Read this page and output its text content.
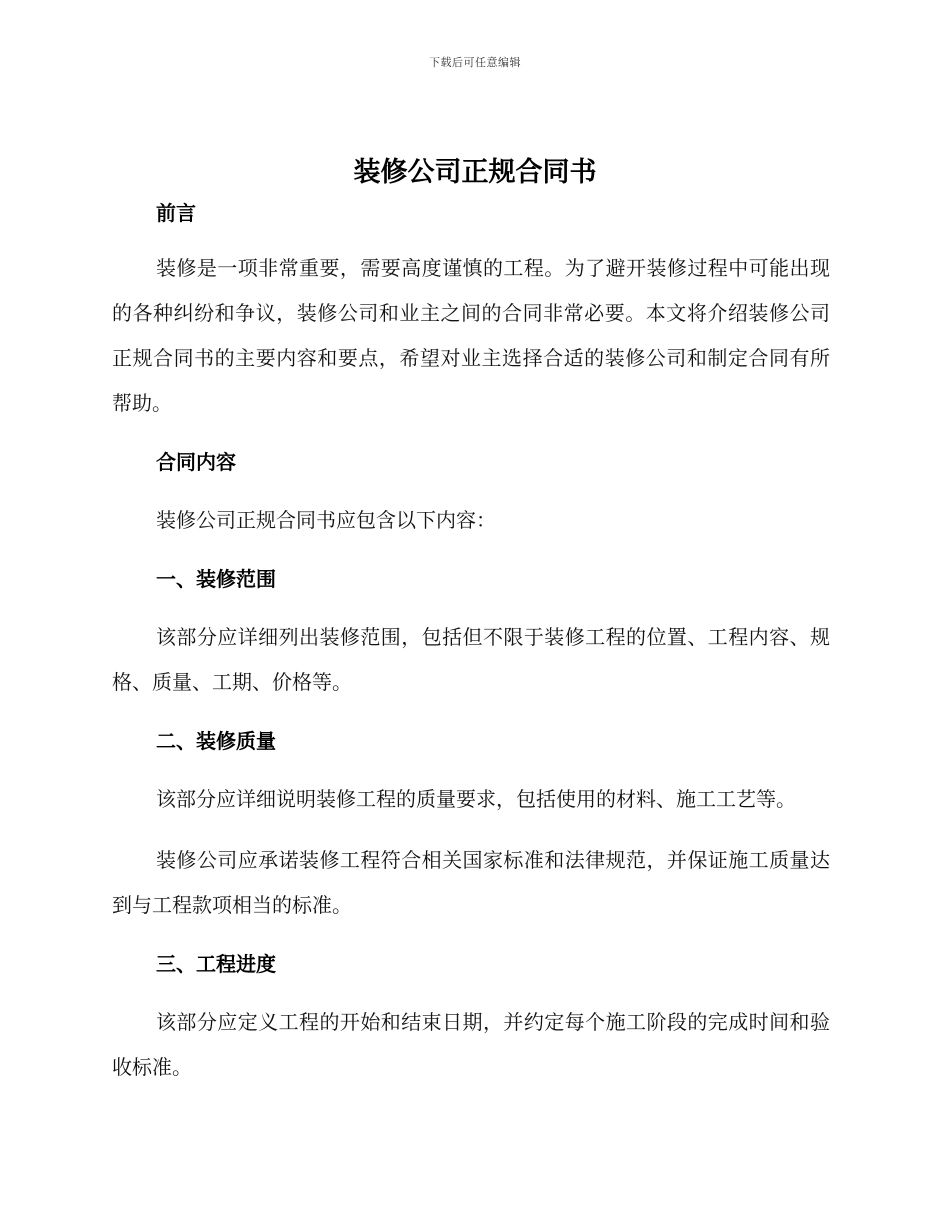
下载后可任意编辑
装修公司正规合同书
前言

装修是一项非常重要，需要高度谨慎的工程。为了避开装修过程中可能出现的各种纠纷和争议，装修公司和业主之间的合同非常必要。本文将介绍装修公司正规合同书的主要内容和要点，希望对业主选择合适的装修公司和制定合同有所帮助。

合同内容

装修公司正规合同书应包含以下内容：

一、装修范围

该部分应详细列出装修范围，包括但不限于装修工程的位置、工程内容、规格、质量、工期、价格等。

二、装修质量

该部分应详细说明装修工程的质量要求，包括使用的材料、施工工艺等。

装修公司应承诺装修工程符合相关国家标准和法律规范，并保证施工质量达到与工程款项相当的标准。

三、工程进度

该部分应定义工程的开始和结束日期，并约定每个施工阶段的完成时间和验收标准。
